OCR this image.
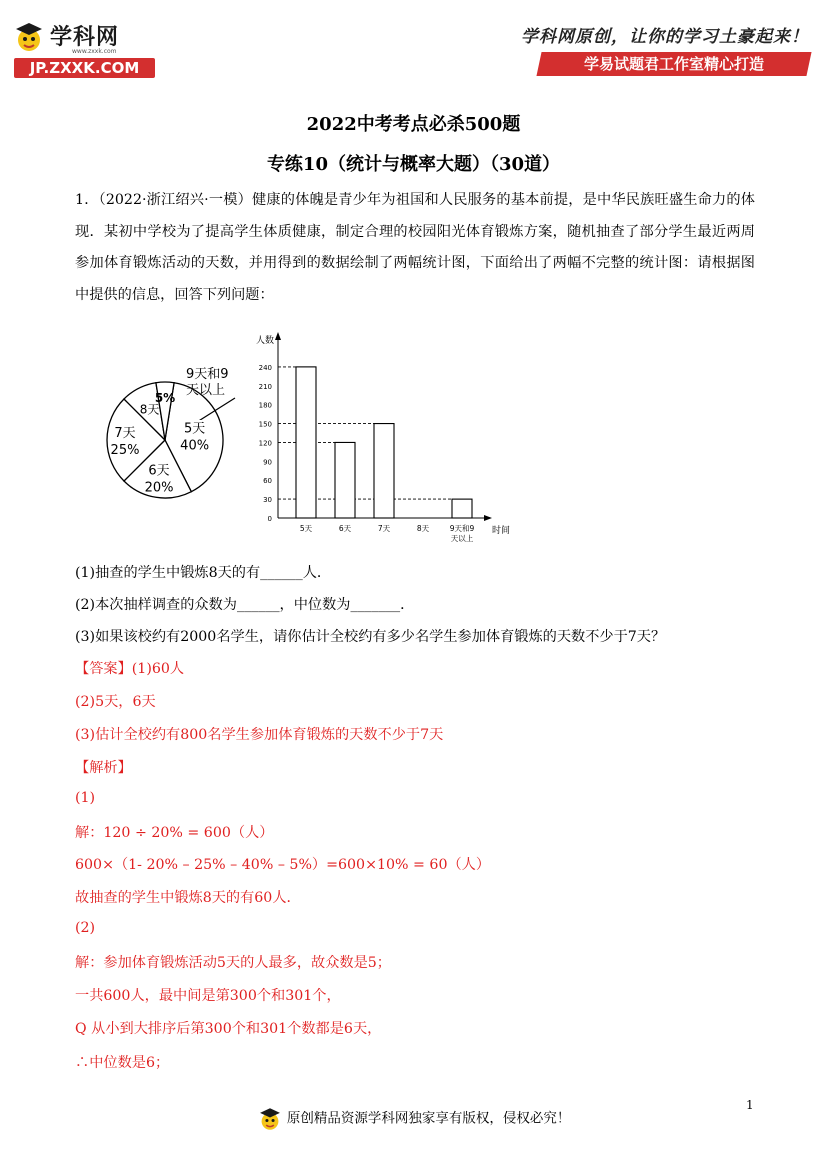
学科网
www.zxxk.com
JP.ZXXK.COM
学科网原创，让你的学习土豪起来！
学易试题君工作室精心打造
2022中考考点必杀500题
专练10（统计与概率大题）（30道）
1．（2022·浙江绍兴·一模）健康的体魄是青少年为祖国和人民服务的基本前提，是中华民族旺盛生命力的体现．某初中学校为了提高学生体质健康，制定合理的校园阳光体育锻炼方案，随机抽查了部分学生最近两周参加体育锻炼活动的天数，并用得到的数据绘制了两幅统计图，下面给出了两幅不完整的统计图：请根据图中提供的信息，回答下列问题：
5天
40%
6天
20%
7天
25%
8天
5%
9天和9
天以上
0
30
60
90
120
150
180
210
240
5天	6天	7天	8天	9天和9
天以上
人数
时间
(1)抽查的学生中锻炼8天的有______人．
(2)本次抽样调查的众数为______，中位数为_______．
(3)如果该校约有2000名学生，请你估计全校约有多少名学生参加体育锻炼的天数不少于7天？
【答案】(1)60人
(2)5天，6天
(3)估计全校约有800名学生参加体育锻炼的天数不少于7天
【解析】
(1)
解：120 ÷ 20% = 600（人）
600×（1- 20% – 25% – 40% – 5%）=600×10% = 60（人）
故抽查的学生中锻炼8天的有60人．
(2)
解：参加体育锻炼活动5天的人最多，故众数是5；
一共600人，最中间是第300个和301个，
Q 从小到大排序后第300个和301个数都是6天，
∴中位数是6；
1
原创精品资源学科网独家享有版权，侵权必究！
